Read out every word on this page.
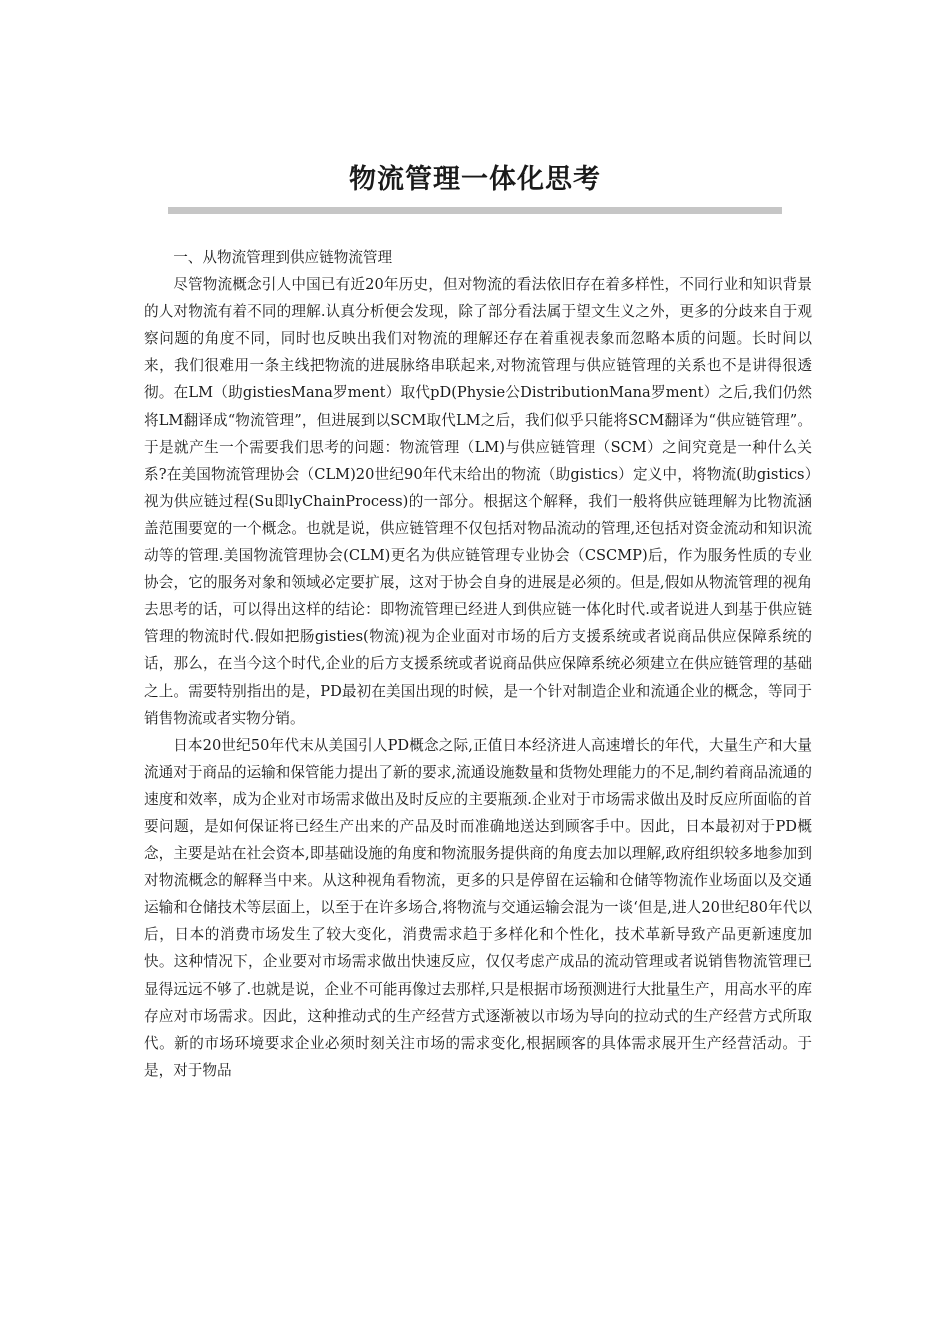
物流管理一体化思考

一、从物流管理到供应链物流管理

尽管物流概念引人中国已有近20年历史，但对物流的看法依旧存在着多样性，不同行业和知识背景的人对物流有着不同的理解.认真分析便会发现，除了部分看法属于望文生义之外，更多的分歧来自于观察问题的角度不同，同时也反映出我们对物流的理解还存在着重视表象而忽略本质的问题。长时间以来，我们很难用一条主线把物流的进展脉络串联起来,对物流管理与供应链管理的关系也不是讲得很透彻。在LM（助gistiesMana罗ment）取代pD(Physie公DistributionMana罗ment）之后,我们仍然将LM翻译成“物流管理”，但进展到以SCM取代LM之后，我们似乎只能将SCM翻译为“供应链管理”。于是就产生一个需要我们思考的问题：物流管理（LM)与供应链管理（SCM）之间究竟是一种什么关系?在美国物流管理协会（CLM)20世纪90年代末给出的物流（助gistics）定义中，将物流(助gistics）视为供应链过程(Su即lyChainProcess)的一部分。根据这个解释，我们一般将供应链理解为比物流涵盖范围要宽的一个概念。也就是说，供应链管理不仅包括对物品流动的管理,还包括对资金流动和知识流动等的管理.美国物流管理协会(CLM)更名为供应链管理专业协会（CSCMP)后，作为服务性质的专业协会，它的服务对象和领域必定要扩展，这对于协会自身的进展是必须的。但是,假如从物流管理的视角去思考的话，可以得出这样的结论：即物流管理已经进人到供应链一体化时代.或者说进人到基于供应链管理的物流时代.假如把肠gisties(物流)视为企业面对市场的后方支援系统或者说商品供应保障系统的话，那么，在当今这个时代,企业的后方支援系统或者说商品供应保障系统必须建立在供应链管理的基础之上。需要特别指出的是，PD最初在美国出现的时候，是一个针对制造企业和流通企业的概念，等同于销售物流或者实物分销。

日本20世纪50年代末从美国引人PD概念之际,正值日本经济进人高速增长的年代，大量生产和大量流通对于商品的运输和保管能力提出了新的要求,流通设施数量和货物处理能力的不足,制约着商品流通的速度和效率，成为企业对市场需求做出及时反应的主要瓶颈.企业对于市场需求做出及时反应所面临的首要问题，是如何保证将已经生产出来的产品及时而准确地送达到顾客手中。因此，日本最初对于PD概念，主要是站在社会资本,即基础设施的角度和物流服务提供商的角度去加以理解,政府组织较多地参加到对物流概念的解释当中来。从这种视角看物流，更多的只是停留在运输和仓储等物流作业场面以及交通运输和仓储技术等层面上，以至于在许多场合,将物流与交通运输会混为一谈‘但是,进人20世纪80年代以后，日本的消费市场发生了较大变化，消费需求趋于多样化和个性化，技术革新导致产品更新速度加快。这种情况下，企业要对市场需求做出快速反应，仅仅考虑产成品的流动管理或者说销售物流管理已显得远远不够了.也就是说，企业不可能再像过去那样,只是根据市场预测进行大批量生产，用高水平的库存应对市场需求。因此，这种推动式的生产经营方式逐渐被以市场为导向的拉动式的生产经营方式所取代。新的市场环境要求企业必须时刻关注市场的需求变化,根据顾客的具体需求展开生产经营活动。于是，对于物品
